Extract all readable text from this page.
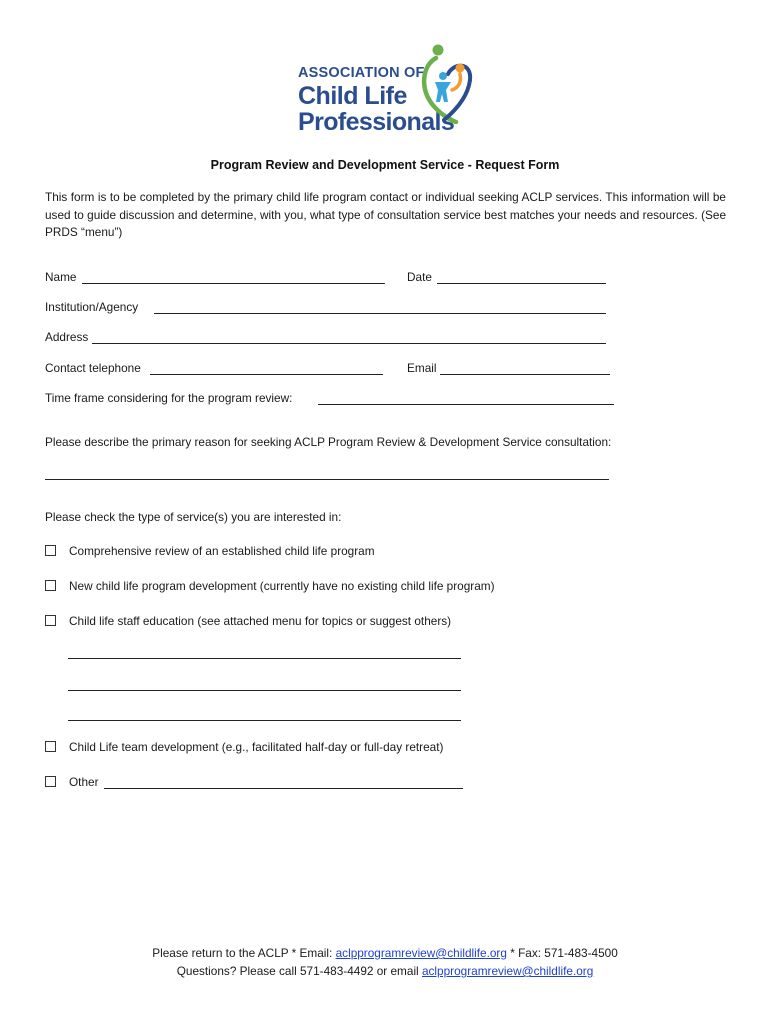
ASSOCIATION OF
Child Life
Professionals
Program Review and Development Service - Request Form
This form is to be completed by the primary child life program contact or individual seeking ACLP services. This information will be used to guide discussion and determine, with you, what type of consultation service best matches your needs and resources. (See PRDS “menu”)
Name	Date
Institution/Agency
Address
Contact telephone	Email
Time frame considering for the program review:
Please describe the primary reason for seeking ACLP Program Review & Development Service consultation:
Please check the type of service(s) you are interested in:
Comprehensive review of an established child life program
New child life program development (currently have no existing child life program)
Child life staff education (see attached menu for topics or suggest others)
Child Life team development (e.g., facilitated half-day or full-day retreat)
Other
Please return to the ACLP * Email: aclpprogramreview@childlife.org * Fax: 571-483-4500
Questions? Please call 571-483-4492 or email aclpprogramreview@childlife.org
